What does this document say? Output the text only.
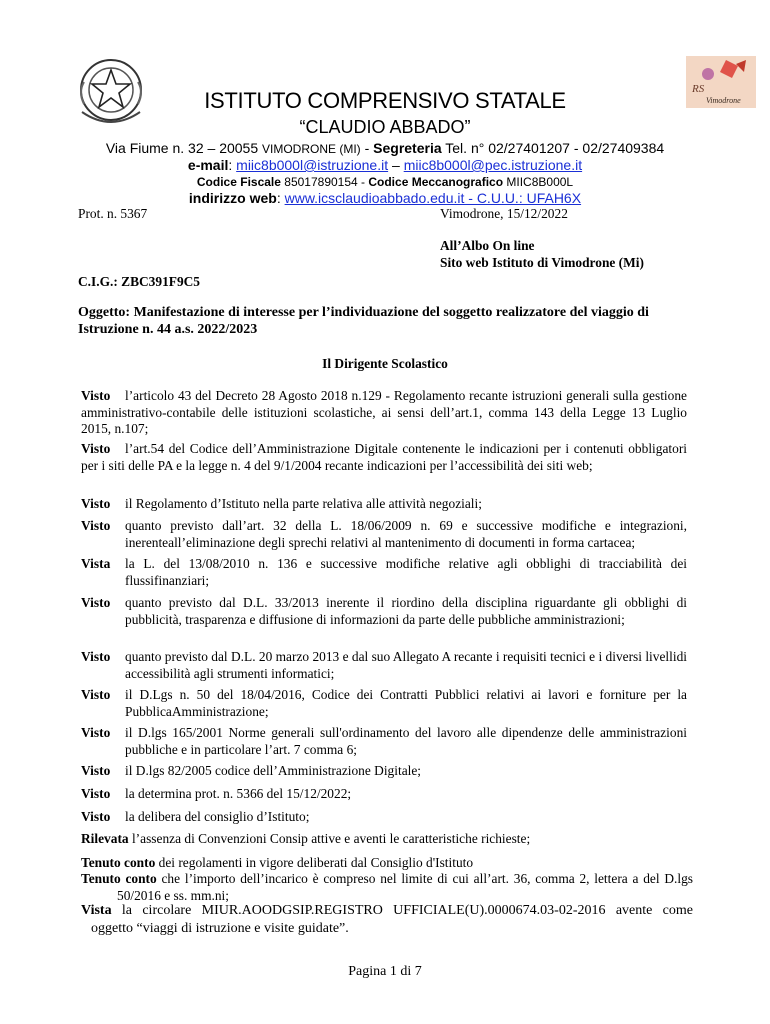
RS
Vimodrone
ISTITUTO COMPRENSIVO STATALE
“CLAUDIO ABBADO”
Via Fiume n. 32 – 20055 VIMODRONE (MI) - Segreteria Tel. n° 02/27401207 - 02/27409384
e-mail: miic8b000l@istruzione.it – miic8b000l@pec.istruzione.it
Codice Fiscale 85017890154 - Codice Meccanografico MIIC8B000L
indirizzo web: www.icsclaudioabbado.edu.it - C.U.U.: UFAH6X
Prot. n. 5367	Vimodrone, 15/12/2022
All’Albo On line
Sito web Istituto di Vimodrone (Mi)
C.I.G.: ZBC391F9C5
Oggetto: Manifestazione di interesse per l’individuazione del soggetto realizzatore del viaggio di Istruzione n. 44 a.s. 2022/2023
Il Dirigente Scolastico
Visto	l’articolo 43 del Decreto 28 Agosto 2018 n.129 - Regolamento recante istruzioni generali sulla gestione amministrativo-contabile delle istituzioni scolastiche, ai sensi dell’art.1, comma 143 della Legge 13 Luglio 2015, n.107;
Visto	l’art.54 del Codice dell’Amministrazione Digitale contenente le indicazioni per i contenuti obbligatori per i siti delle PA e la legge n. 4 del 9/1/2004 recante indicazioni per l’accessibilità dei siti web;
Visto il Regolamento d’Istituto nella parte relativa alle attività negoziali;
Visto quanto previsto dall’art. 32 della L. 18/06/2009 n. 69 e successive modifiche e integrazioni, inerenteall’eliminazione degli sprechi relativi al mantenimento di documenti in forma cartacea;
Vista la L. del 13/08/2010 n. 136 e successive modifiche relative agli obblighi di tracciabilità dei flussifinanziari;
Visto quanto previsto dal D.L. 33/2013 inerente il riordino della disciplina riguardante gli obblighi di pubblicità, trasparenza e diffusione di informazioni da parte delle pubbliche amministrazioni;
Visto quanto previsto dal D.L. 20 marzo 2013 e dal suo Allegato A recante i requisiti tecnici e i diversi livellidi accessibilità agli strumenti informatici;
Visto il D.Lgs n. 50 del 18/04/2016, Codice dei Contratti Pubblici relativi ai lavori e forniture per la PubblicaAmministrazione;
Visto il D.lgs 165/2001 Norme generali sull'ordinamento del lavoro alle dipendenze delle amministrazioni pubbliche e in particolare l’art. 7 comma 6;
Visto il D.lgs 82/2005 codice dell’Amministrazione Digitale;
Visto la determina prot. n. 5366 del 15/12/2022;
Visto la delibera del consiglio d’Istituto;
Rilevata l’assenza di Convenzioni Consip attive e aventi le caratteristiche richieste;
Tenuto conto dei regolamenti in vigore deliberati dal Consiglio d'Istituto
Tenuto conto che l’importo dell’incarico è compreso nel limite di cui all’art. 36, comma 2, lettera a del D.lgs 50/2016 e ss. mm.ni;
Vista la circolare MIUR.AOODGSIP.REGISTRO UFFICIALE(U).0000674.03-02-2016 avente come oggetto “viaggi di istruzione e visite guidate”.
Pagina 1 di 7
